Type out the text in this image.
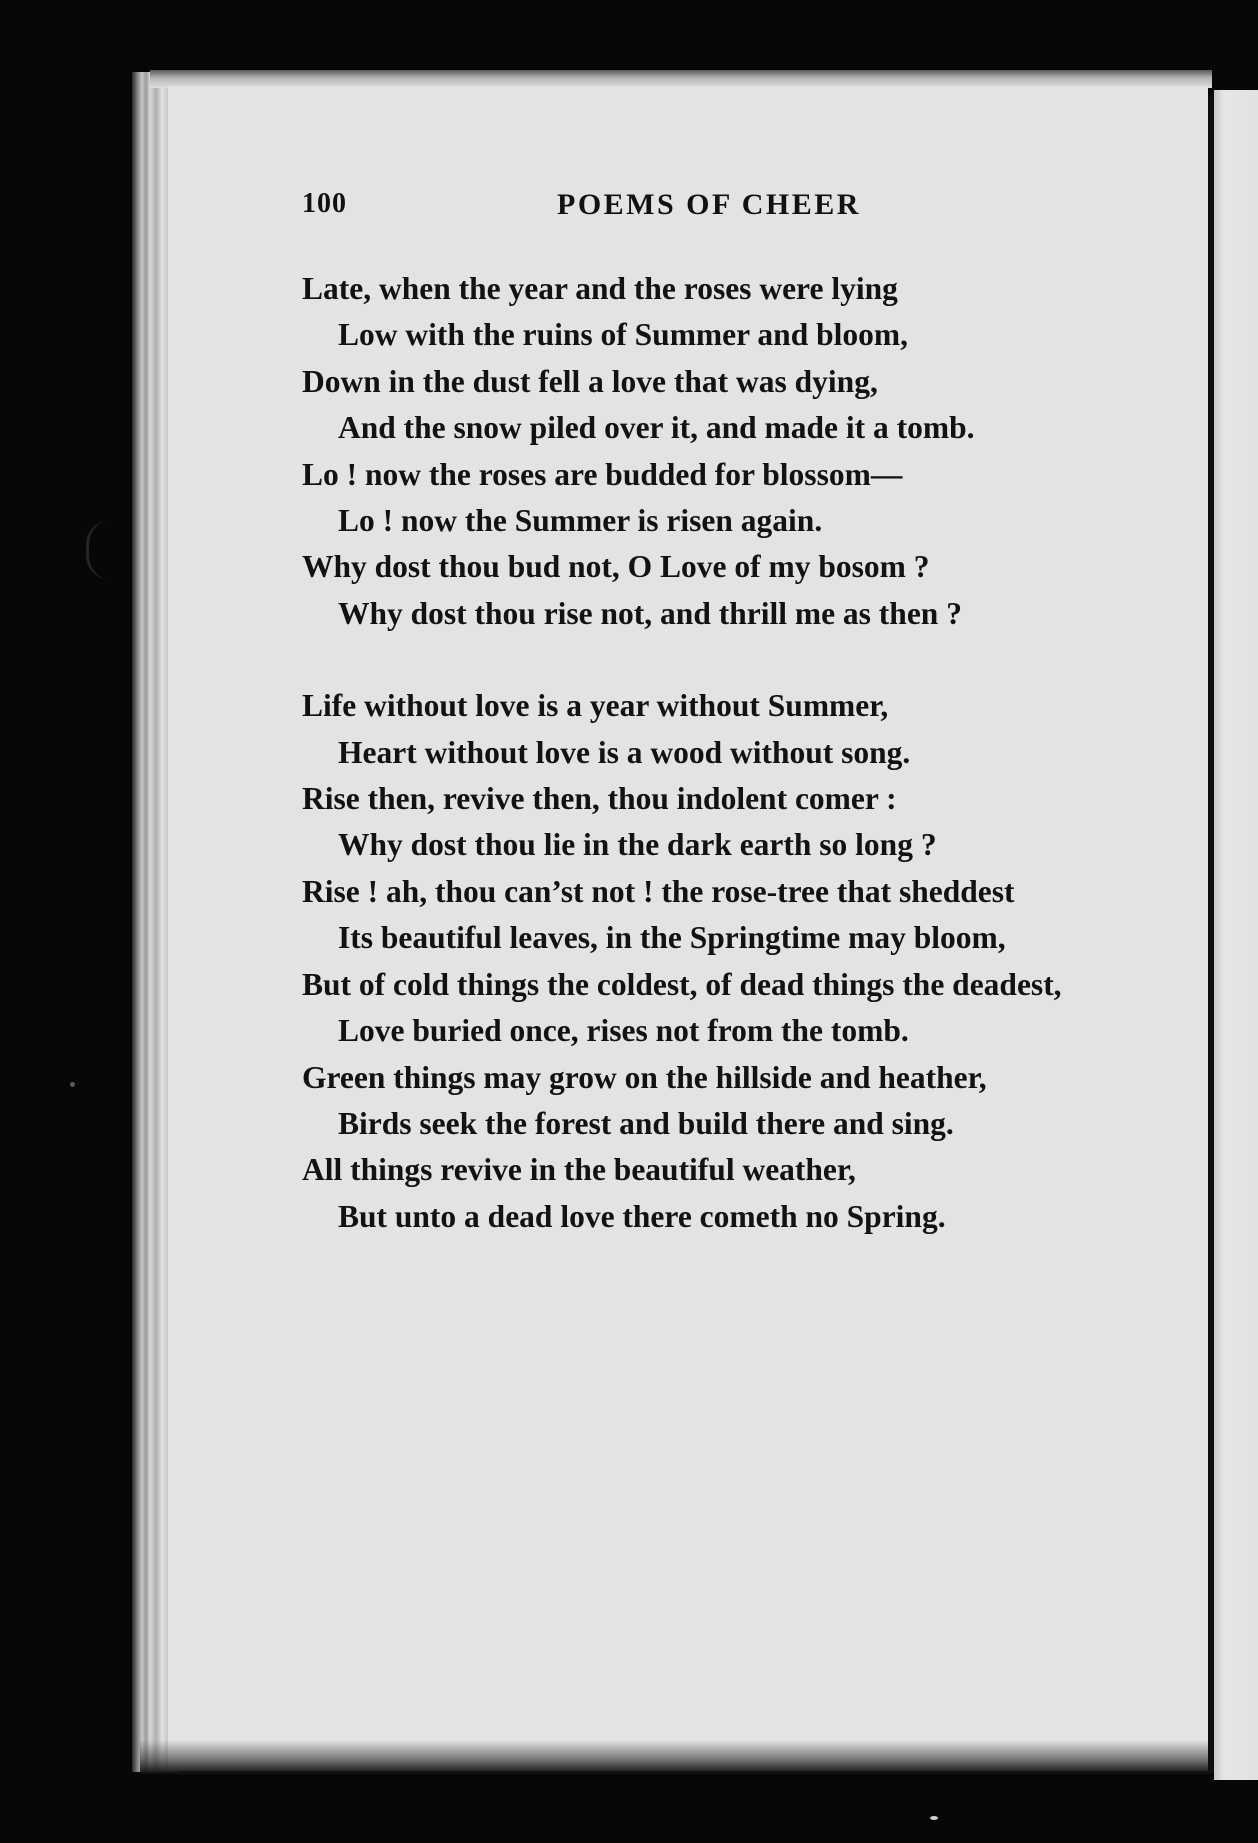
100	POEMS OF CHEER

Late, when the year and the roses were lying
Low with the ruins of Summer and bloom,
Down in the dust fell a love that was dying,
And the snow piled over it, and made it a tomb.
Lo ! now the roses are budded for blossom—
Lo ! now the Summer is risen again.
Why dost thou bud not, O Love of my bosom ?
Why dost thou rise not, and thrill me as then ?

Life without love is a year without Summer,
Heart without love is a wood without song.
Rise then, revive then, thou indolent comer :
Why dost thou lie in the dark earth so long ?
Rise ! ah, thou can’st not ! the rose-tree that sheddest
Its beautiful leaves, in the Springtime may bloom,
But of cold things the coldest, of dead things the deadest,
Love buried once, rises not from the tomb.
Green things may grow on the hillside and heather,
Birds seek the forest and build there and sing.
All things revive in the beautiful weather,
But unto a dead love there cometh no Spring.
